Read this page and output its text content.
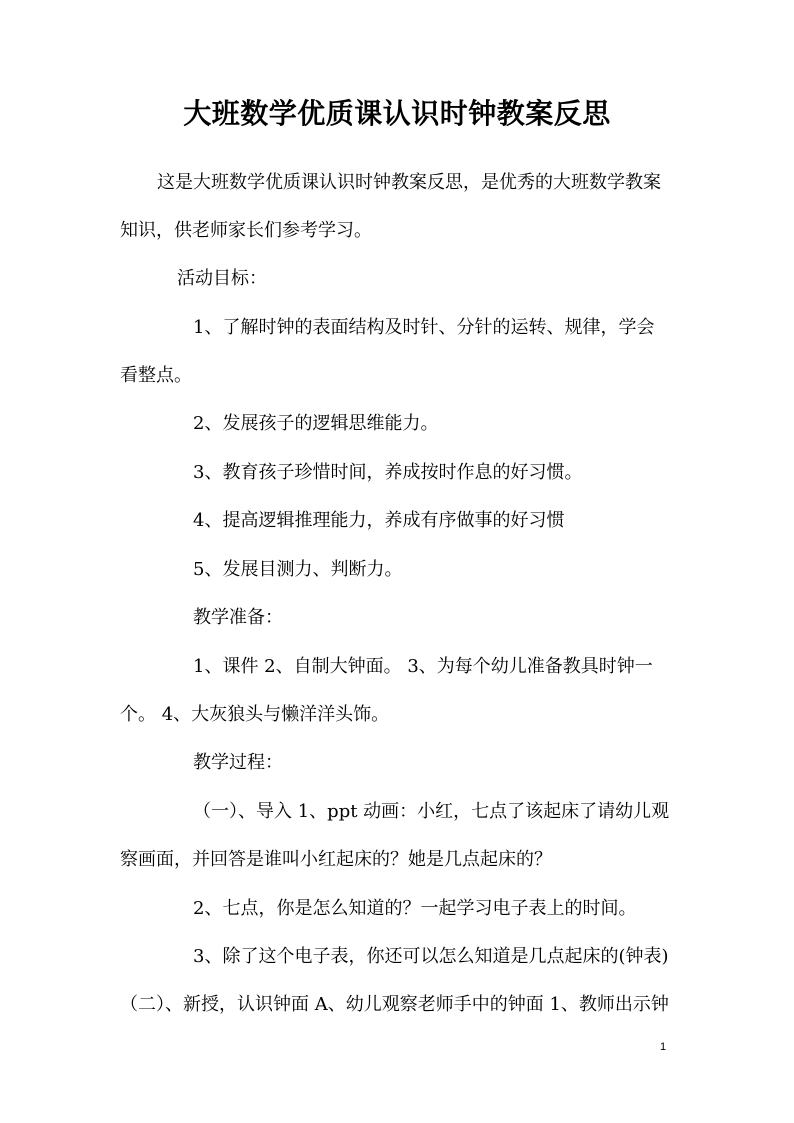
大班数学优质课认识时钟教案反思
这是大班数学优质课认识时钟教案反思，是优秀的大班数学教案
知识，供老师家长们参考学习。
活动目标：
1、了解时钟的表面结构及时针、分针的运转、规律，学会
看整点。
2、发展孩子的逻辑思维能力。
3、教育孩子珍惜时间，养成按时作息的好习惯。
4、提高逻辑推理能力，养成有序做事的好习惯
5、发展目测力、判断力。
教学准备：
1、课件 2、自制大钟面。 3、为每个幼儿准备教具时钟一
个。 4、大灰狼头与懒洋洋头饰。
教学过程：
（一）、导入 1、ppt 动画：小红，七点了该起床了请幼儿观
察画面，并回答是谁叫小红起床的？她是几点起床的？
2、七点，你是怎么知道的？一起学习电子表上的时间。
3、除了这个电子表，你还可以怎么知道是几点起床的(钟表)
（二）、新授，认识钟面 A、幼儿观察老师手中的钟面 1、教师出示钟
1
